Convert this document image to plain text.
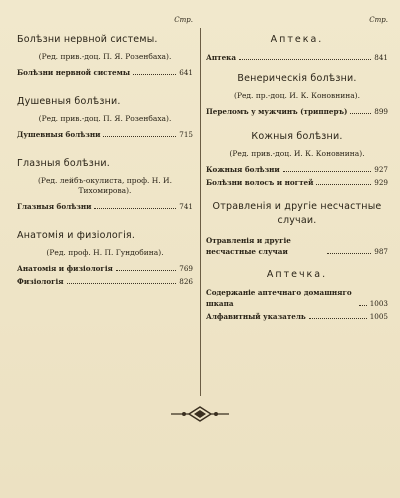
Стр.
Болѣзни нервной системы.
(Ред. прив.-доц. П. Я. Розенбаха).
Болѣзни нервной системы	641
Душевныя болѣзни.
(Ред. прив.-доц. П. Я. Розенбаха).
Душевныя болѣзни	715
Глазныя болѣзни.
(Ред. лейбъ-окулиста, проф. Н. И. Тихомирова).
Глазныя болѣзни	741
Анатомія и физіологія.
(Ред. проф. Н. П. Гундобина).
Анатомія и физіологія	769
Физіологія	826
Стр.
Аптека.
Аптека	841
Венерическія болѣзни.
(Ред. пр.-доц. И. К. Коновнина).
Переломъ у мужчинъ (трипперъ)	899
Кожныя болѣзни.
(Ред. прив.-доц. И. К. Коновнина).
Кожныя болѣзни	927
Болѣзни волосъ и ногтей	929
Отравленія и другіе несчастные случаи.
Отравленія и другіе несчастные случаи	987
Аптечка.
Содержаніе аптечнаго домашняго шкапа	1003
Алфавитный указатель	1005
